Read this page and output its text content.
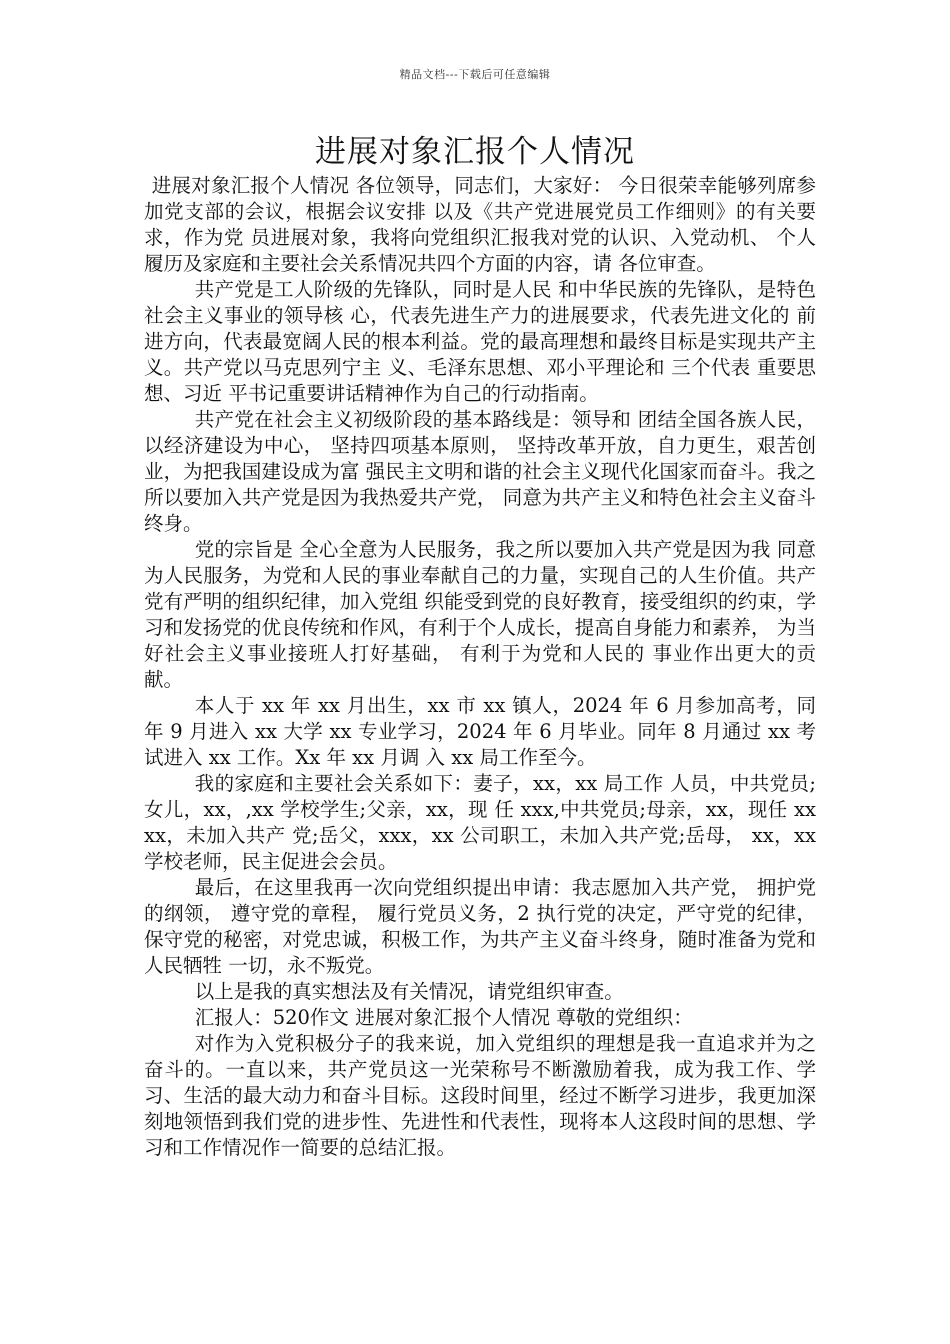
精品文档---下载后可任意编辑
进展对象汇报个人情况

进展对象汇报个人情况 各位领导，同志们，大家好： 今日很荣幸能够列席参加党支部的会议，根据会议安排 以及《共产党进展党员工作细则》的有关要求，作为党 员进展对象，我将向党组织汇报我对党的认识、入党动机、 个人履历及家庭和主要社会关系情况共四个方面的内容，请 各位审查。

共产党是工人阶级的先锋队，同时是人民 和中华民族的先锋队，是特色社会主义事业的领导核 心，代表先进生产力的进展要求，代表先进文化的 前进方向，代表最宽阔人民的根本利益。党的最高理想和最终目标是实现共产主义。共产党以马克思列宁主 义、毛泽东思想、邓小平理论和 三个代表 重要思想、习近 平书记重要讲话精神作为自己的行动指南。

共产党在社会主义初级阶段的基本路线是：领导和 团结全国各族人民， 以经济建设为中心， 坚持四项基本原则， 坚持改革开放，自力更生，艰苦创业，为把我国建设成为富 强民主文明和谐的社会主义现代化国家而奋斗。我之所以要加入共产党是因为我热爱共产党， 同意为共产主义和特色社会主义奋斗终身。

党的宗旨是 全心全意为人民服务，我之所以要加入共产党是因为我 同意为人民服务，为党和人民的事业奉献自己的力量，实现自己的人生价值。共产党有严明的组织纪律，加入党组 织能受到党的良好教育，接受组织的约束，学习和发扬党的优良传统和作风，有利于个人成长，提高自身能力和素养， 为当好社会主义事业接班人打好基础， 有利于为党和人民的 事业作出更大的贡献。

本人于 xx 年 xx 月出生，xx 市 xx 镇人，2024 年 6 月参加高考，同年 9 月进入 xx 大学 xx 专业学习，2024 年 6 月毕业。同年 8 月通过 xx 考试进入 xx 工作。Xx 年 xx 月调 入 xx 局工作至今。

我的家庭和主要社会关系如下：妻子，xx，xx 局工作 人员，中共党员;女儿，xx，,xx 学校学生;父亲，xx，现 任 xxx,中共党员;母亲，xx，现任 xxxx，未加入共产 党;岳父，xxx，xx 公司职工，未加入共产党;岳母， xx，xx 学校老师，民主促进会会员。

最后，在这里我再一次向党组织提出申请：我志愿加入共产党， 拥护党的纲领， 遵守党的章程， 履行党员义务，2 执行党的决定，严守党的纪律，保守党的秘密，对党忠诚，积极工作，为共产主义奋斗终身，随时准备为党和人民牺牲 一切，永不叛党。

以上是我的真实想法及有关情况，请党组织审查。

汇报人：520作文 进展对象汇报个人情况 尊敬的党组织：

对作为入党积极分子的我来说，加入党组织的理想是我一直追求并为之奋斗的。一直以来，共产党员这一光荣称号不断激励着我，成为我工作、学习、生活的最大动力和奋斗目标。这段时间里，经过不断学习进步，我更加深刻地领悟到我们党的进步性、先进性和代表性，现将本人这段时间的思想、学习和工作情况作一简要的总结汇报。
